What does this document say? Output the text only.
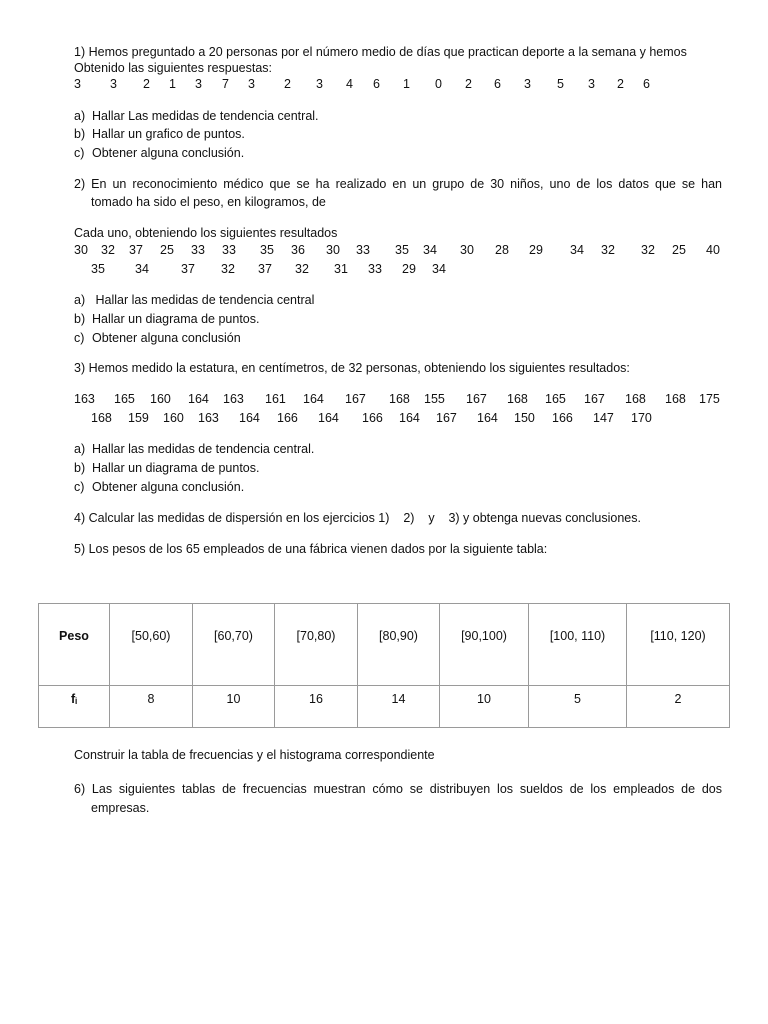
1) Hemos preguntado a 20 personas por el número medio de días que practican deporte a la semana y hemos
Obtenido las siguientes respuestas:
3 3 2 1 3 7 3 2 3 4 6 1 0 2 6 3 5 3 2 6
a) Hallar Las medidas de tendencia central.
b) Hallar un grafico de puntos.
c) Obtener alguna conclusión.
2) En un reconocimiento médico que se ha realizado en un grupo de 30 niños, uno de los datos que se han
tomado ha sido el peso, en kilogramos, de
Cada uno, obteniendo los siguientes resultados
30 32 37 25 33 33 35 36 30 33 35 34 30 28 29 34 32 32 25 40
35 34	37 32 37 32 31 33 29 34
a) Hallar las medidas de tendencia central
b) Hallar un diagrama de puntos.
c) Obtener alguna conclusión
3) Hemos medido la estatura, en centímetros, de 32 personas, obteniendo los siguientes resultados:
163 165 160 164 163 161 164 167 168 155 167 168 165 167 168 168 175
168 159 160 163 164 166 164 166 164 167 164 150 166 147 170
a) Hallar las medidas de tendencia central.
b) Hallar un diagrama de puntos.
c) Obtener alguna conclusión.
4) Calcular las medidas de dispersión en los ejercicios 1)    2)    y    3) y obtenga nuevas conclusiones.
5) Los pesos de los 65 empleados de una fábrica vienen dados por la siguiente tabla:
Peso	[50,60)	[60,70)	[70,80)	[80,90)	[90,100)	[100, 110)	[110, 120)
fᵢ	8	10	16	14	10	5	2
Construir la tabla de frecuencias y el histograma correspondiente
6) Las siguientes tablas de frecuencias muestran cómo se distribuyen los sueldos de los empleados de dos
empresas.
